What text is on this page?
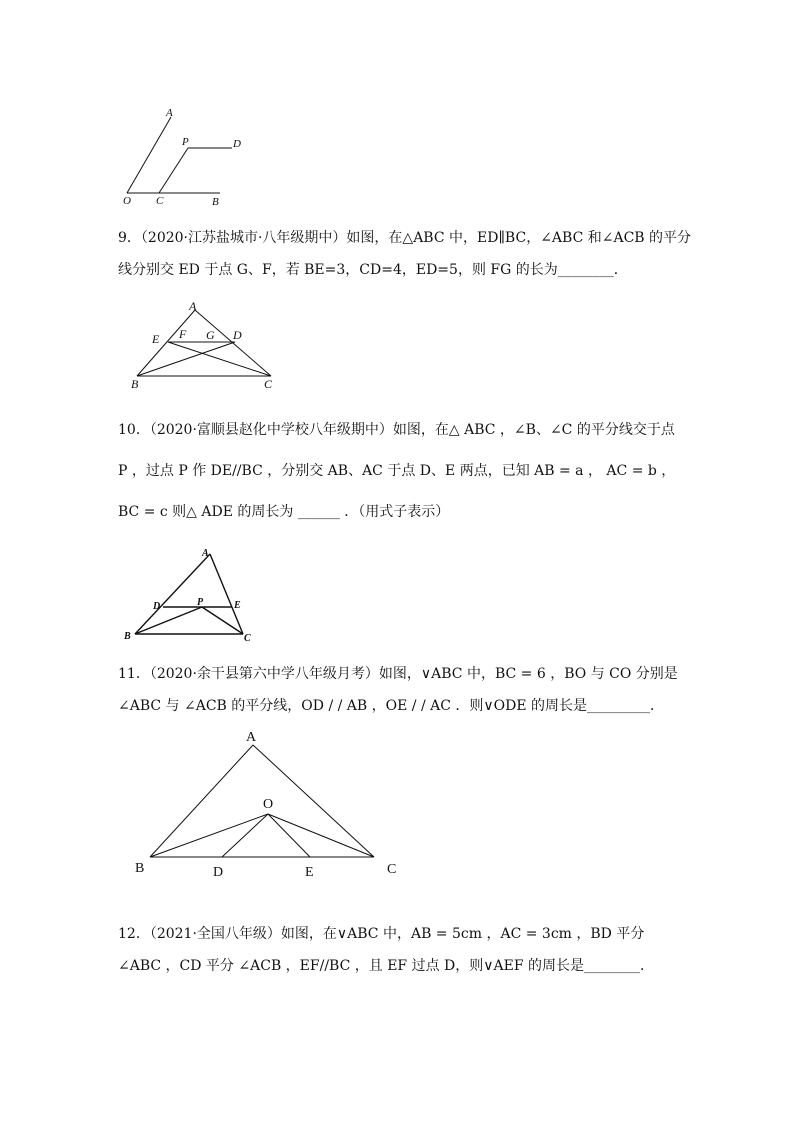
A
P	D
O C	B
9．（2020·江苏盐城市·八年级期中）如图，在△ABC 中，ED∥BC，∠ABC 和∠ACB 的平分
线分别交 ED 于点 G、F，若 BE=3，CD=4，ED=5，则 FG 的长为________．
A
E F G D
B	C
10．（2020·富顺县赵化中学校八年级期中）如图，在△ ABC ，∠B、∠C 的平分线交于点
P ，过点 P 作 DE//BC ，分别交 AB、AC 于点 D、E 两点，已知 AB = a ， AC = b ，
BC = c 则△ ADE 的周长为 ______ ．（用式子表示）
A
D	P	E
B	C
11．（2020·余干县第六中学八年级月考）如图，∨ABC 中，BC = 6 ，BO 与 CO 分别是
∠ABC 与 ∠ACB 的平分线，OD / / AB ，OE / / AC ．则∨ODE 的周长是_________．
A
O
B	C
D	E
12．（2021·全国八年级）如图，在∨ABC 中，AB = 5cm ，AC = 3cm ，BD 平分
∠ABC ，CD 平分 ∠ACB ，EF//BC ，且 EF 过点 D，则∨AEF 的周长是________．
